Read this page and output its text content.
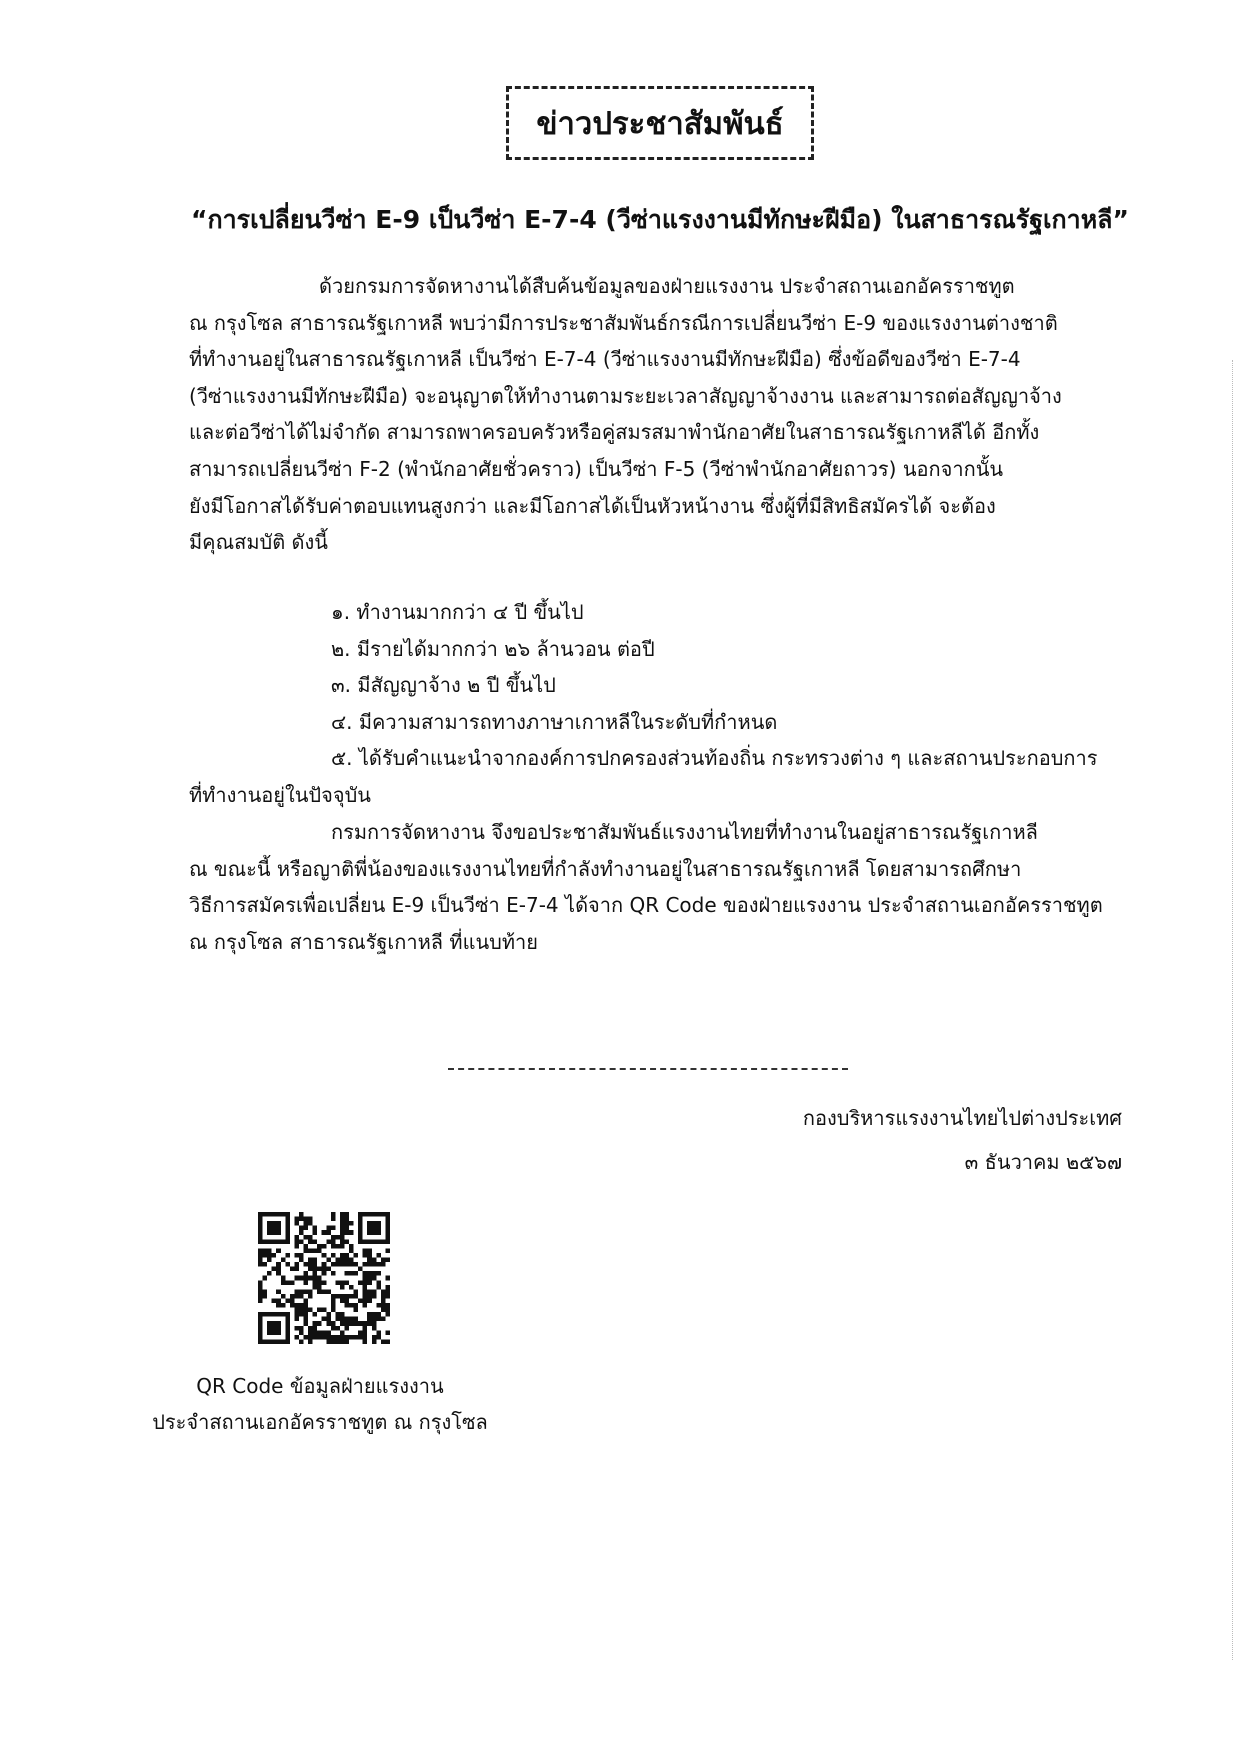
ข่าวประชาสัมพันธ์
“การเปลี่ยนวีซ่า E-9 เป็นวีซ่า E-7-4 (วีซ่าแรงงานมีทักษะฝีมือ) ในสาธารณรัฐเกาหลี”
ด้วยกรมการจัดหางานได้สืบค้นข้อมูลของฝ่ายแรงงาน ประจำสถานเอกอัครราชทูต
ณ กรุงโซล สาธารณรัฐเกาหลี พบว่ามีการประชาสัมพันธ์กรณีการเปลี่ยนวีซ่า E-9 ของแรงงานต่างชาติ
ที่ทำงานอยู่ในสาธารณรัฐเกาหลี เป็นวีซ่า E-7-4 (วีซ่าแรงงานมีทักษะฝีมือ) ซึ่งข้อดีของวีซ่า E-7-4
(วีซ่าแรงงานมีทักษะฝีมือ) จะอนุญาตให้ทำงานตามระยะเวลาสัญญาจ้างงาน และสามารถต่อสัญญาจ้าง
และต่อวีซ่าได้ไม่จำกัด สามารถพาครอบครัวหรือคู่สมรสมาพำนักอาศัยในสาธารณรัฐเกาหลีได้ อีกทั้ง
สามารถเปลี่ยนวีซ่า F-2 (พำนักอาศัยชั่วคราว) เป็นวีซ่า F-5 (วีซ่าพำนักอาศัยถาวร) นอกจากนั้น
ยังมีโอกาสได้รับค่าตอบแทนสูงกว่า และมีโอกาสได้เป็นหัวหน้างาน ซึ่งผู้ที่มีสิทธิสมัครได้ จะต้อง
มีคุณสมบัติ ดังนี้
๑. ทำงานมากกว่า ๔ ปี ขึ้นไป
๒. มีรายได้มากกว่า ๒๖ ล้านวอน ต่อปี
๓. มีสัญญาจ้าง ๒ ปี ขึ้นไป
๔. มีความสามารถทางภาษาเกาหลีในระดับที่กำหนด
๕. ได้รับคำแนะนำจากองค์การปกครองส่วนท้องถิ่น กระทรวงต่าง ๆ และสถานประกอบการ
ที่ทำงานอยู่ในปัจจุบัน
กรมการจัดหางาน จึงขอประชาสัมพันธ์แรงงานไทยที่ทำงานในอยู่สาธารณรัฐเกาหลี
ณ ขณะนี้ หรือญาติพี่น้องของแรงงานไทยที่กำลังทำงานอยู่ในสาธารณรัฐเกาหลี โดยสามารถศึกษา
วิธีการสมัครเพื่อเปลี่ยน E-9 เป็นวีซ่า E-7-4 ได้จาก QR Code ของฝ่ายแรงงาน ประจำสถานเอกอัครราชทูต
ณ กรุงโซล สาธารณรัฐเกาหลี ที่แนบท้าย
กองบริหารแรงงานไทยไปต่างประเทศ
๓ ธันวาคม ๒๕๖๗
QR Code ข้อมูลฝ่ายแรงงาน
ประจำสถานเอกอัครราชทูต ณ กรุงโซล
